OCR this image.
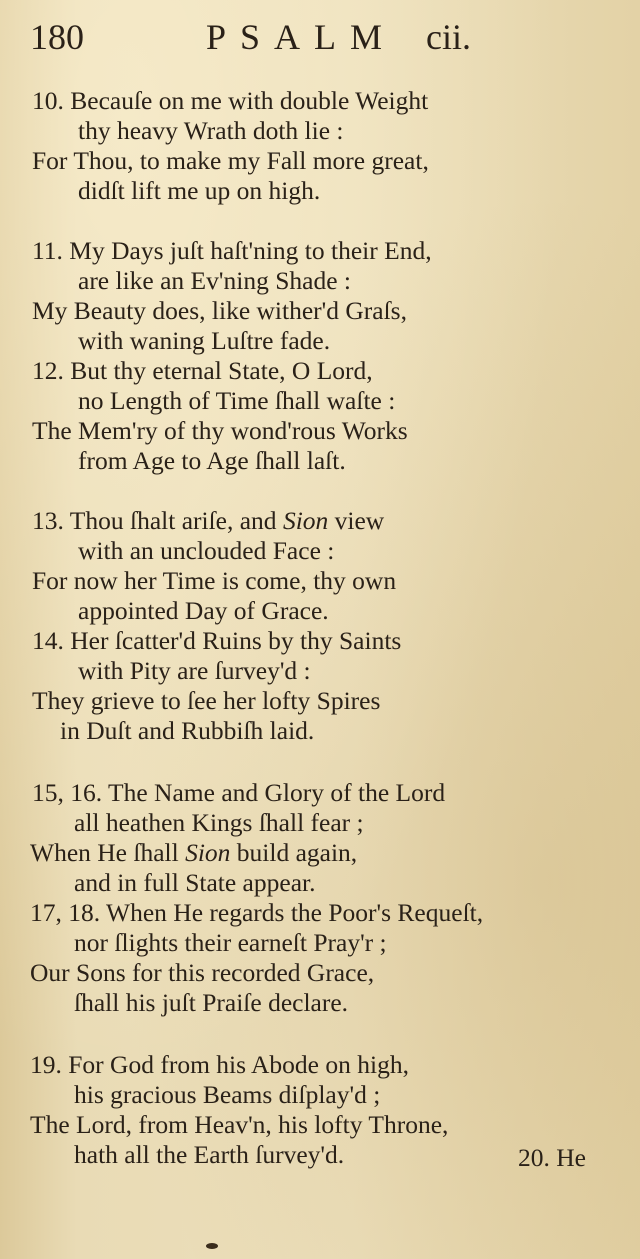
180	PSALM cii.
10. Becauſe on me with double Weight
thy heavy Wrath doth lie :
For Thou, to make my Fall more great,
didſt lift me up on high.
11. My Days juſt haſt'ning to their End,
are like an Ev'ning Shade :
My Beauty does, like wither'd Graſs,
with waning Luſtre fade.
12. But thy eternal State, O Lord,
no Length of Time ſhall waſte :
The Mem'ry of thy wond'rous Works
from Age to Age ſhall laſt.
13. Thou ſhalt ariſe, and Sion view
with an unclouded Face :
For now her Time is come, thy own
appointed Day of Grace.
14. Her ſcatter'd Ruins by thy Saints
with Pity are ſurvey'd :
They grieve to ſee her lofty Spires
in Duſt and Rubbiſh laid.
15, 16. The Name and Glory of the Lord
all heathen Kings ſhall fear ;
When He ſhall Sion build again,
and in full State appear.
17, 18. When He regards the Poor's Requeſt,
nor ſlights their earneſt Pray'r ;
Our Sons for this recorded Grace,
ſhall his juſt Praiſe declare.
19. For God from his Abode on high,
his gracious Beams diſplay'd ;
The Lord, from Heav'n, his lofty Throne,
hath all the Earth ſurvey'd.	20. He
